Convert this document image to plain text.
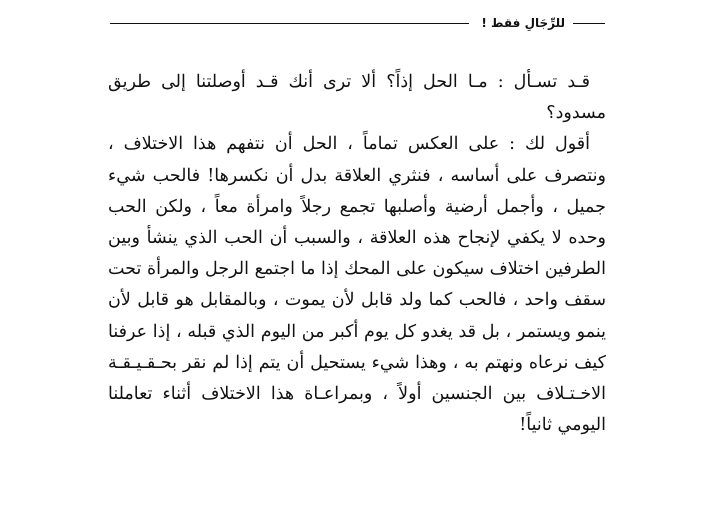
للرِّجَالِ فقط !

قـد تسـأل : مـا الحل إذاً؟ ألا ترى أنك قـد أوصلتنا إلى طريق مسدود؟

أقول لك : على العكس تماماً ، الحل أن نتفهم هذا الاختلاف ، ونتصرف على أساسه ، فنثري العلاقة بدل أن نكسرها! فالحب شيء جميل ، وأجمل أرضية وأصلبها تجمع رجلاً وامرأة معاً ، ولكن الحب وحده لا يكفي لإنجاح هذه العلاقة ، والسبب أن الحب الذي ينشأ وبين الطرفين اختلاف سيكون على المحك إذا ما اجتمع الرجل والمرأة تحت سقف واحد ، فالحب كما ولد قابل لأن يموت ، وبالمقابل هو قابل لأن ينمو ويستمر ، بل قد يغدو كل يوم أكبر من اليوم الذي قبله ، إذا عرفنا كيف نرعاه ونهتم به ، وهذا شيء يستحيل أن يتم إذا لم نقر بحـقـيـقـة الاخـتـلاف بين الجنسين أولاً ، وبمراعـاة هذا الاختلاف أثناء تعاملنا اليومي ثانياً!
